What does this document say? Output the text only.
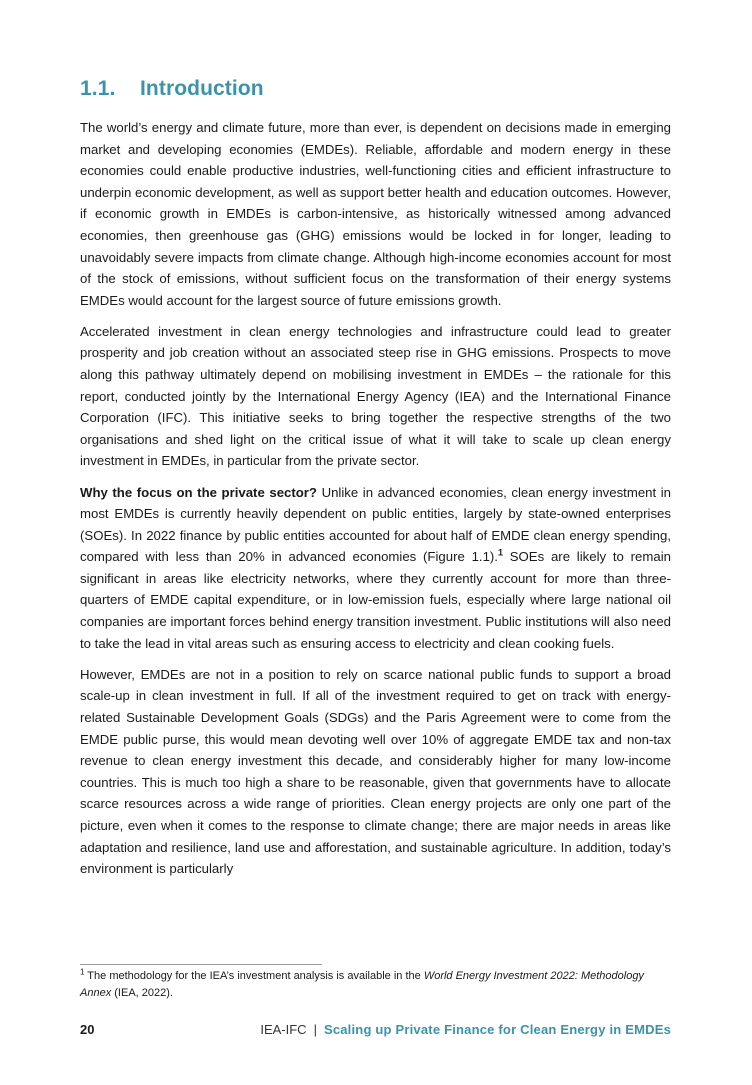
1.1. Introduction

The world’s energy and climate future, more than ever, is dependent on decisions made in emerging market and developing economies (EMDEs). Reliable, affordable and modern energy in these economies could enable productive industries, well-functioning cities and efficient infrastructure to underpin economic development, as well as support better health and education outcomes. However, if economic growth in EMDEs is carbon-intensive, as historically witnessed among advanced economies, then greenhouse gas (GHG) emissions would be locked in for longer, leading to unavoidably severe impacts from climate change. Although high-income economies account for most of the stock of emissions, without sufficient focus on the transformation of their energy systems EMDEs would account for the largest source of future emissions growth.

Accelerated investment in clean energy technologies and infrastructure could lead to greater prosperity and job creation without an associated steep rise in GHG emissions. Prospects to move along this pathway ultimately depend on mobilising investment in EMDEs – the rationale for this report, conducted jointly by the International Energy Agency (IEA) and the International Finance Corporation (IFC). This initiative seeks to bring together the respective strengths of the two organisations and shed light on the critical issue of what it will take to scale up clean energy investment in EMDEs, in particular from the private sector.

Why the focus on the private sector? Unlike in advanced economies, clean energy investment in most EMDEs is currently heavily dependent on public entities, largely by state-owned enterprises (SOEs). In 2022 finance by public entities accounted for about half of EMDE clean energy spending, compared with less than 20% in advanced economies (Figure 1.1).$^1$ SOEs are likely to remain significant in areas like electricity networks, where they currently account for more than three-quarters of EMDE capital expenditure, or in low-emission fuels, especially where large national oil companies are important forces behind energy transition investment. Public institutions will also need to take the lead in vital areas such as ensuring access to electricity and clean cooking fuels.

However, EMDEs are not in a position to rely on scarce national public funds to support a broad scale-up in clean investment in full. If all of the investment required to get on track with energy-related Sustainable Development Goals (SDGs) and the Paris Agreement were to come from the EMDE public purse, this would mean devoting well over 10% of aggregate EMDE tax and non-tax revenue to clean energy investment this decade, and considerably higher for many low-income countries. This is much too high a share to be reasonable, given that governments have to allocate scarce resources across a wide range of priorities. Clean energy projects are only one part of the picture, even when it comes to the response to climate change; there are major needs in areas like adaptation and resilience, land use and afforestation, and sustainable agriculture. In addition, today’s environment is particularly

$^1$ The methodology for the IEA’s investment analysis is available in the World Energy Investment 2022: Methodology Annex (IEA, 2022).

20	IEA-IFC | Scaling up Private Finance for Clean Energy in EMDEs
